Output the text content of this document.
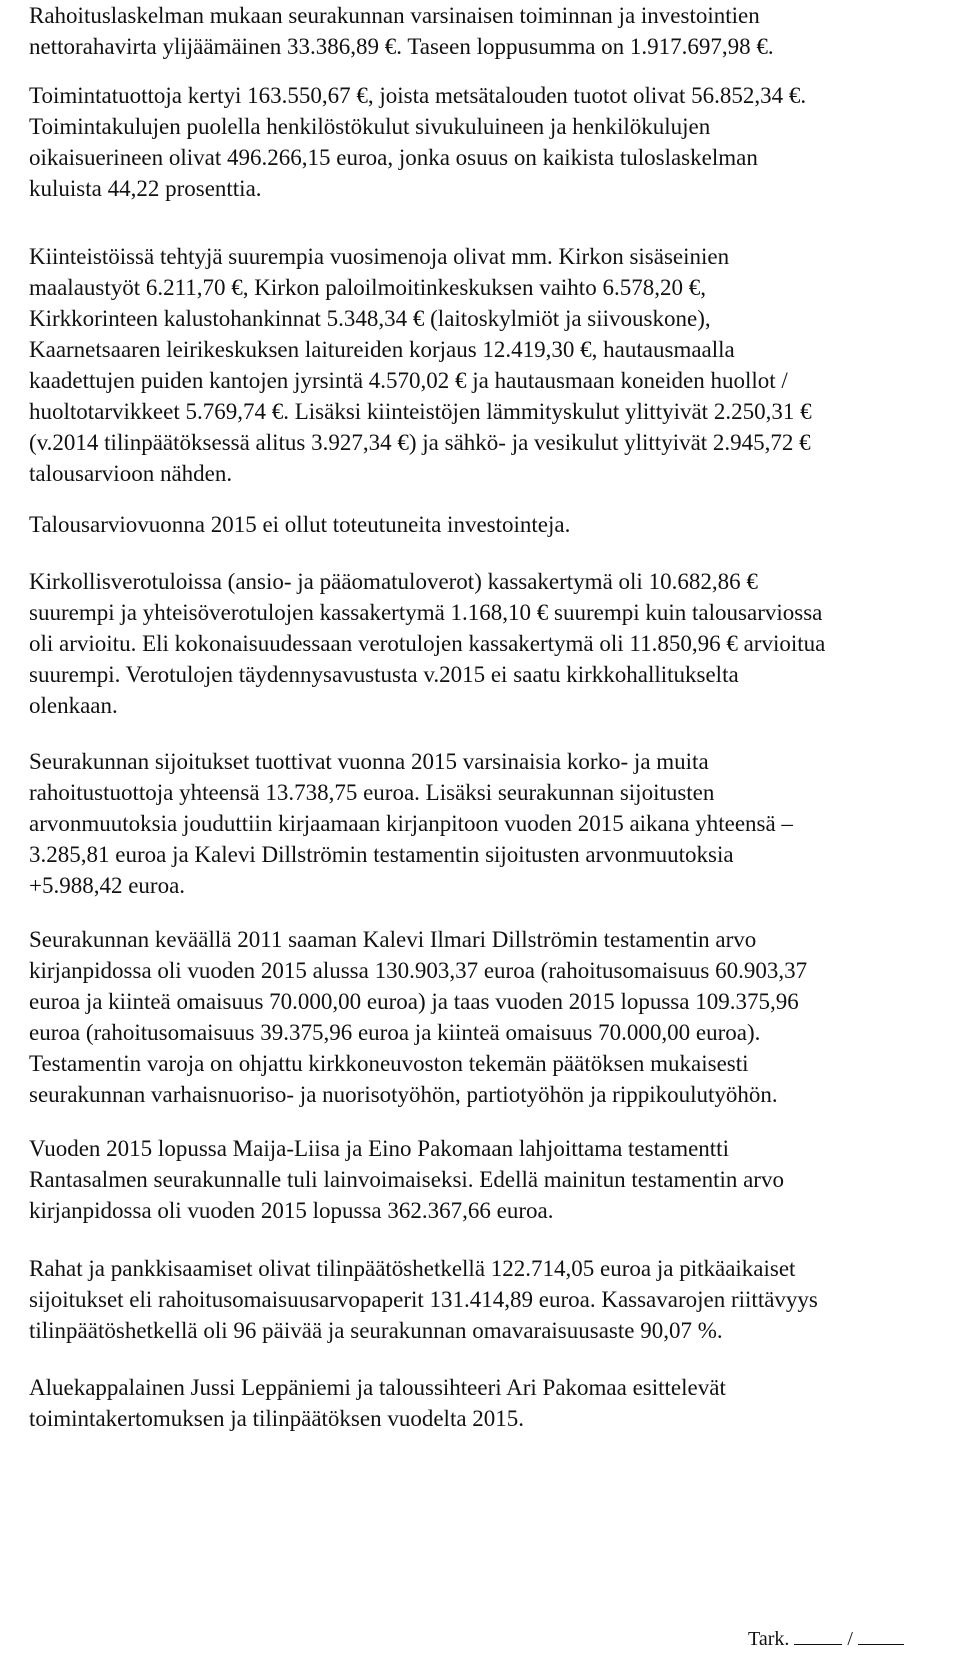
Rahoituslaskelman mukaan seurakunnan varsinaisen toiminnan ja investointien
nettorahavirta ylijäämäinen 33.386,89 €. Taseen loppusumma on 1.917.697,98 €.
Toimintatuottoja kertyi 163.550,67 €, joista metsätalouden tuotot olivat 56.852,34 €.
Toimintakulujen puolella henkilöstökulut sivukuluineen ja henkilökulujen
oikaisuerineen olivat 496.266,15 euroa, jonka osuus on kaikista tuloslaskelman
kuluista 44,22 prosenttia.
Kiinteistöissä tehtyjä suurempia vuosimenoja olivat mm. Kirkon sisäseinien
maalaustyöt 6.211,70 €, Kirkon paloilmoitinkeskuksen vaihto 6.578,20 €,
Kirkkorinteen kalustohankinnat 5.348,34 € (laitoskylmiöt ja siivouskone),
Kaarnetsaaren leirikeskuksen laitureiden korjaus 12.419,30 €, hautausmaalla
kaadettujen puiden kantojen jyrsintä 4.570,02 € ja hautausmaan koneiden huollot /
huoltotarvikkeet 5.769,74 €. Lisäksi kiinteistöjen lämmityskulut ylittyivät 2.250,31 €
(v.2014 tilinpäätöksessä alitus 3.927,34 €) ja sähkö- ja vesikulut ylittyivät 2.945,72 €
talousarvioon nähden.
Talousarviovuonna 2015 ei ollut toteutuneita investointeja.
Kirkollisverotuloissa (ansio- ja pääomatuloverot) kassakertymä oli 10.682,86 €
suurempi ja yhteisöverotulojen kassakertymä 1.168,10 € suurempi kuin talousarviossa
oli arvioitu. Eli kokonaisuudessaan verotulojen kassakertymä oli 11.850,96 € arvioitua
suurempi. Verotulojen täydennysavustusta v.2015 ei saatu kirkkohallitukselta
olenkaan.
Seurakunnan sijoitukset tuottivat vuonna 2015 varsinaisia korko- ja muita
rahoitustuottoja yhteensä 13.738,75 euroa. Lisäksi seurakunnan sijoitusten
arvonmuutoksia jouduttiin kirjaamaan kirjanpitoon vuoden 2015 aikana yhteensä –
3.285,81 euroa ja Kalevi Dillströmin testamentin sijoitusten arvonmuutoksia
+5.988,42 euroa.
Seurakunnan keväällä 2011 saaman Kalevi Ilmari Dillströmin testamentin arvo
kirjanpidossa oli vuoden 2015 alussa 130.903,37 euroa (rahoitusomaisuus 60.903,37
euroa ja kiinteä omaisuus 70.000,00 euroa) ja taas vuoden 2015 lopussa 109.375,96
euroa (rahoitusomaisuus 39.375,96 euroa ja kiinteä omaisuus 70.000,00 euroa).
Testamentin varoja on ohjattu kirkkoneuvoston tekemän päätöksen mukaisesti
seurakunnan varhaisnuoriso- ja nuorisotyöhön, partiotyöhön ja rippikoulutyöhön.
Vuoden 2015 lopussa Maija-Liisa ja Eino Pakomaan lahjoittama testamentti
Rantasalmen seurakunnalle tuli lainvoimaiseksi. Edellä mainitun testamentin arvo
kirjanpidossa oli vuoden 2015 lopussa 362.367,66 euroa.
Rahat ja pankkisaamiset olivat tilinpäätöshetkellä 122.714,05 euroa ja pitkäaikaiset
sijoitukset eli rahoitusomaisuusarvopaperit 131.414,89 euroa. Kassavarojen riittävyys
tilinpäätöshetkellä oli 96 päivää ja seurakunnan omavaraisuusaste 90,07 %.
Aluekappalainen Jussi Leppäniemi ja taloussihteeri Ari Pakomaa esittelevät
toimintakertomuksen ja tilinpäätöksen vuodelta 2015.
Tark.	/
